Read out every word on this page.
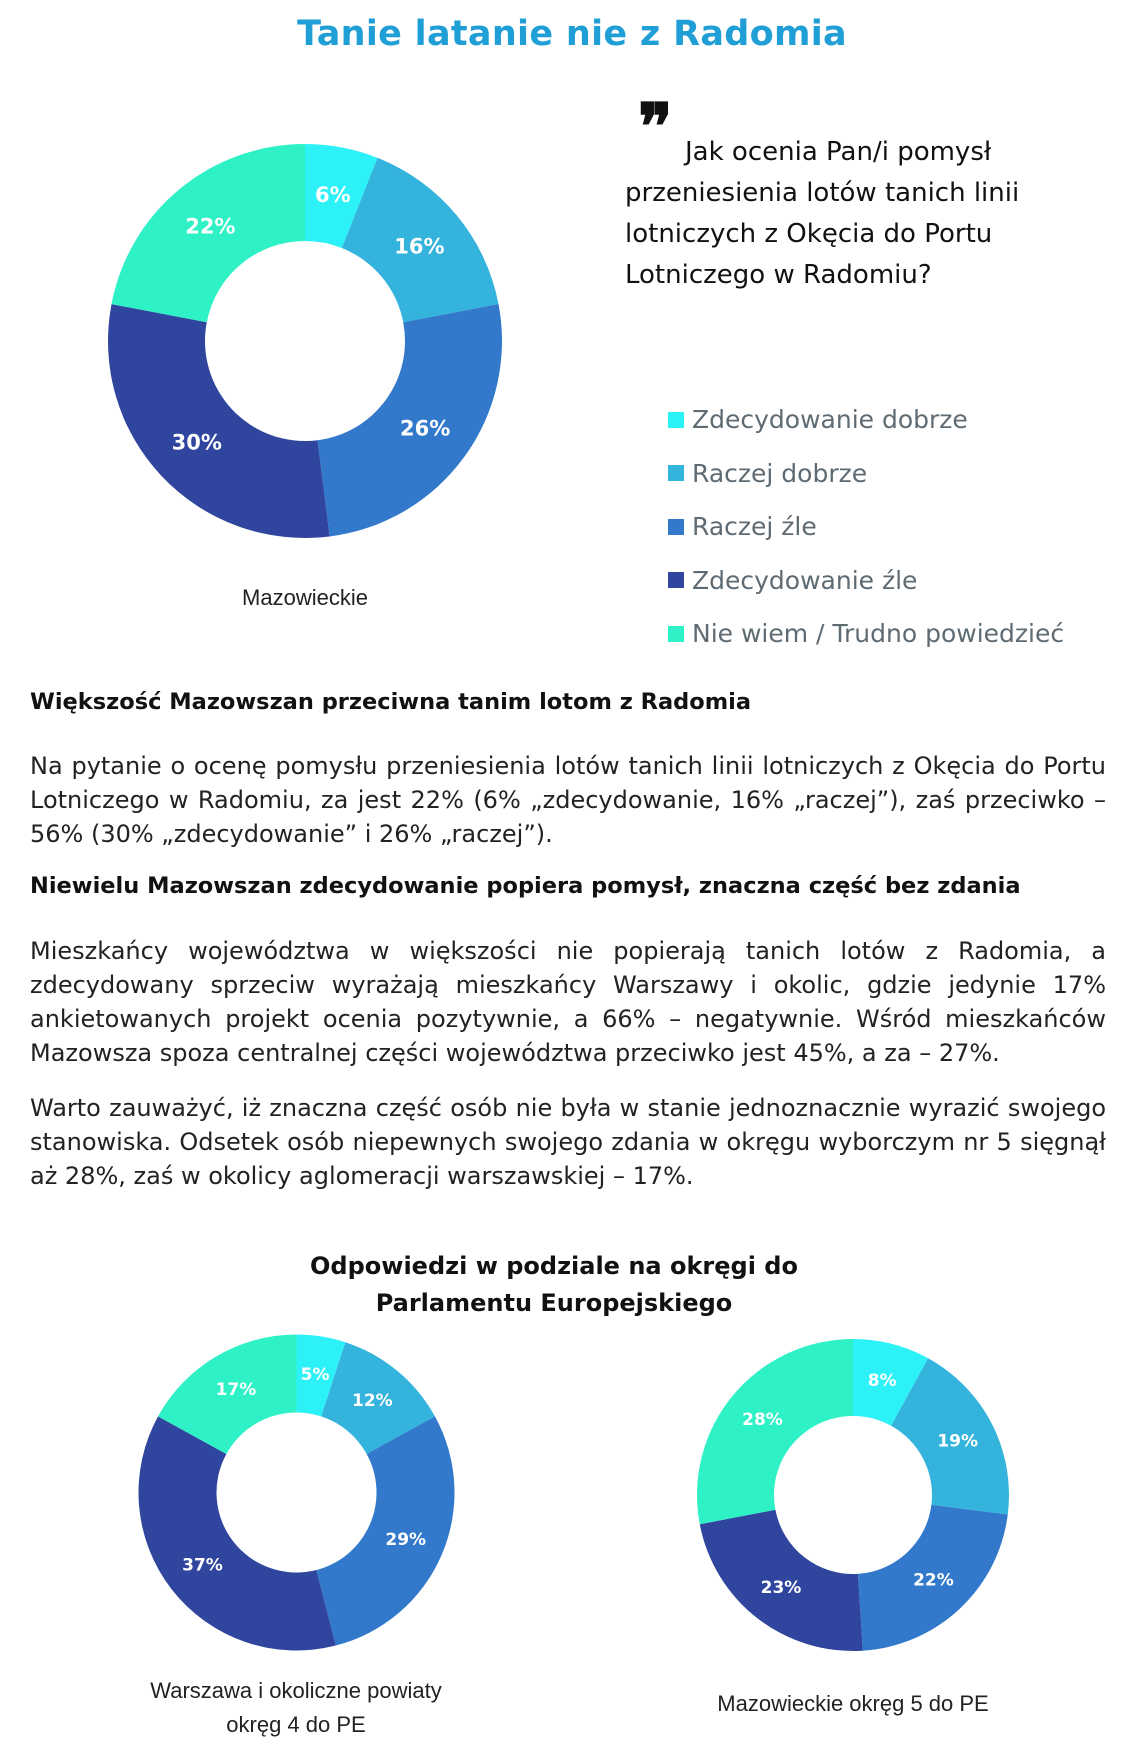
Tanie latanie nie z Radomia
6%
16%
26%
30%
22%
Mazowieckie
❞ Jak ocenia Pan/i pomysł
przeniesienia lotów tanich linii
lotniczych z Okęcia do Portu
Lotniczego w Radomiu?
Zdecydowanie dobrze
Raczej dobrze
Raczej źle
Zdecydowanie źle
Nie wiem / Trudno powiedzieć
Większość Mazowszan przeciwna tanim lotom z Radomia
Na pytanie o ocenę pomysłu przeniesienia lotów tanich linii lotniczych z Okęcia do Portu Lotniczego w Radomiu, za jest 22% (6% „zdecydowanie, 16% „raczej”), zaś przeciwko – 56% (30% „zdecydowanie” i 26% „raczej”).
Niewielu Mazowszan zdecydowanie popiera pomysł, znaczna część bez zdania
Mieszkańcy województwa w większości nie popierają tanich lotów z Radomia, a zdecydowany sprzeciw wyrażają mieszkańcy Warszawy i okolic, gdzie jedynie 17% ankietowanych projekt ocenia pozytywnie, a 66% – negatywnie. Wśród mieszkańców Mazowsza spoza centralnej części województwa przeciwko jest 45%, a za – 27%.
Warto zauważyć, iż znaczna część osób nie była w stanie jednoznacznie wyrazić swojego stanowiska. Odsetek osób niepewnych swojego zdania w okręgu wyborczym nr 5 sięgnął aż 28%, zaś w okolicy aglomeracji warszawskiej – 17%.
Odpowiedzi w podziale na okręgi do
Parlamentu Europejskiego
5%
12%
29%
37%
17%
Warszawa i okoliczne powiaty
okręg 4 do PE
8%
19%
22%
23%
28%
Mazowieckie okręg 5 do PE
